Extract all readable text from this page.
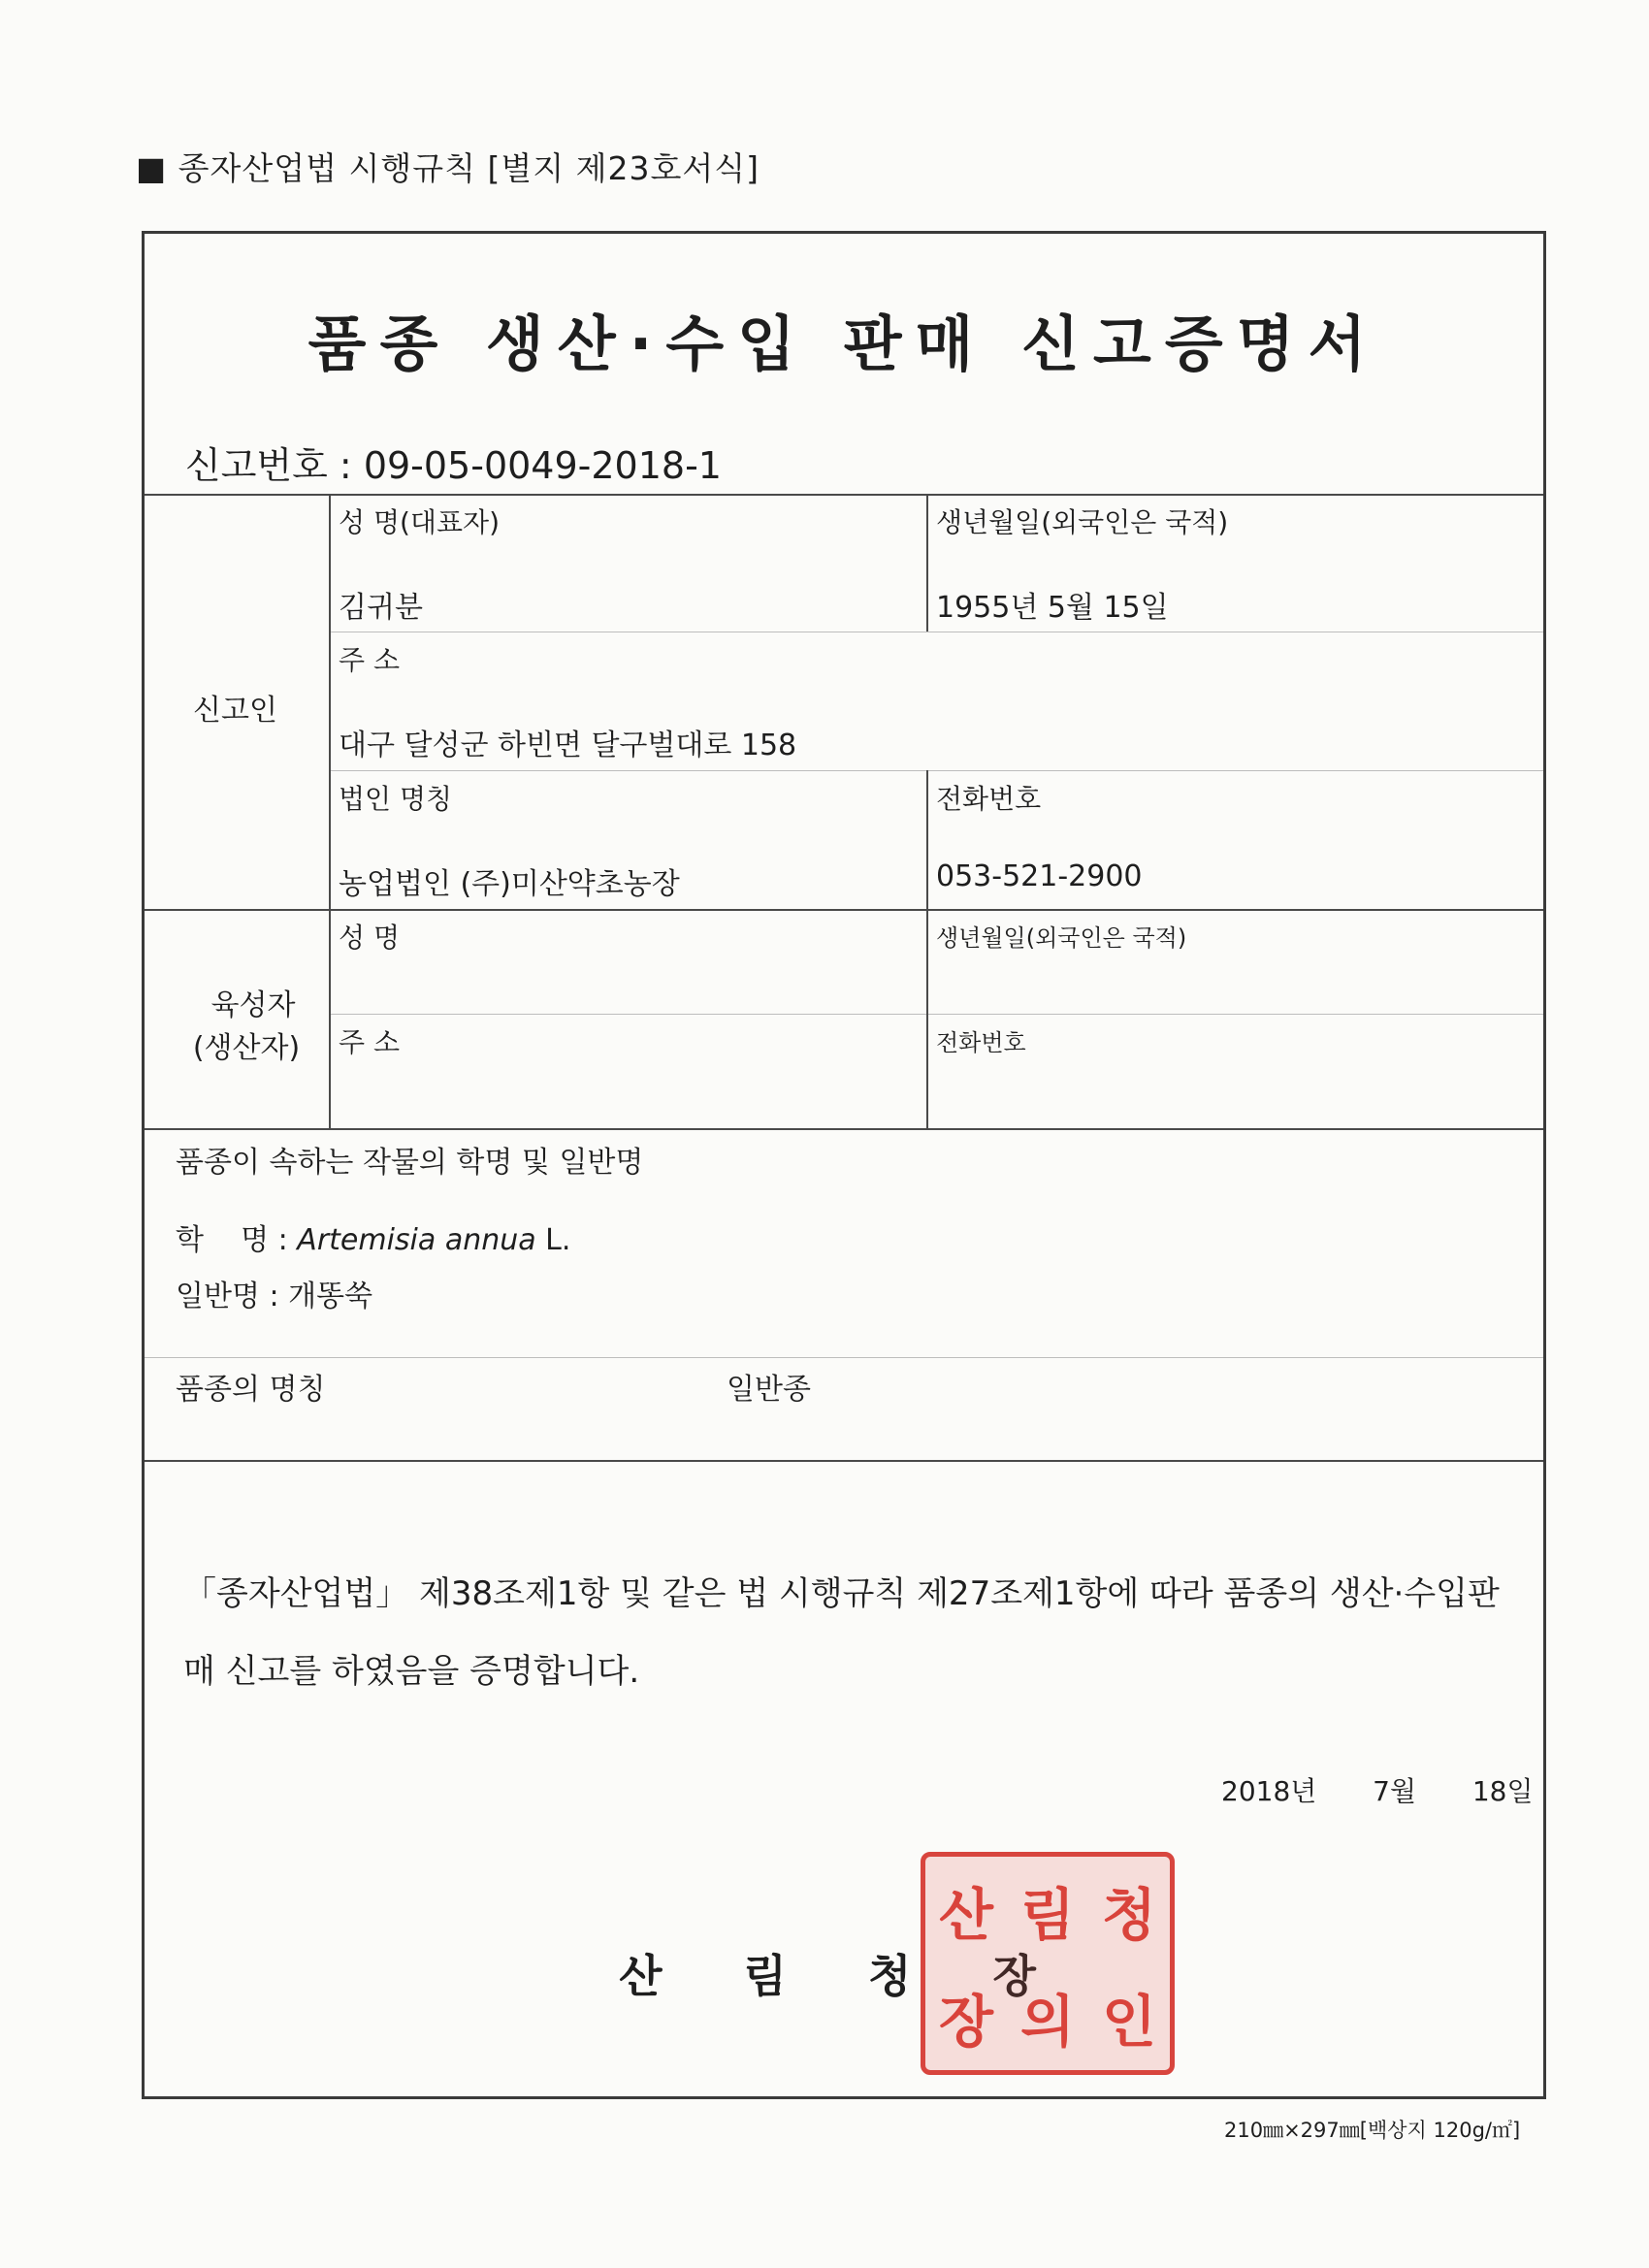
■ 종자산업법 시행규칙 [별지 제23호서식]
품종 생산·수입 판매 신고증명서
신고번호 : 09-05-0049-2018-1
신고인
성 명(대표자)
김귀분
생년월일(외국인은 국적)
1955년 5월 15일
주 소
대구 달성군 하빈면 달구벌대로 158
법인 명칭
농업법인 (주)미산약초농장
전화번호
053-521-2900
육성자
(생산자)
성 명	생년월일(외국인은 국적)
주 소	전화번호
품종이 속하는 작물의 학명 및 일반명
학    명 : Artemisia annua L.
일반명 : 개똥쑥
품종의 명칭	일반종
「종자산업법」 제38조제1항 및 같은 법 시행규칙 제27조제1항에 따라 품종의 생산·수입판매 신고를 하였음을 증명합니다.
2018년 7월 18일
산 림 청 장
산 림 청
장 의 인
210㎜×297㎜[백상지 120g/㎡]
